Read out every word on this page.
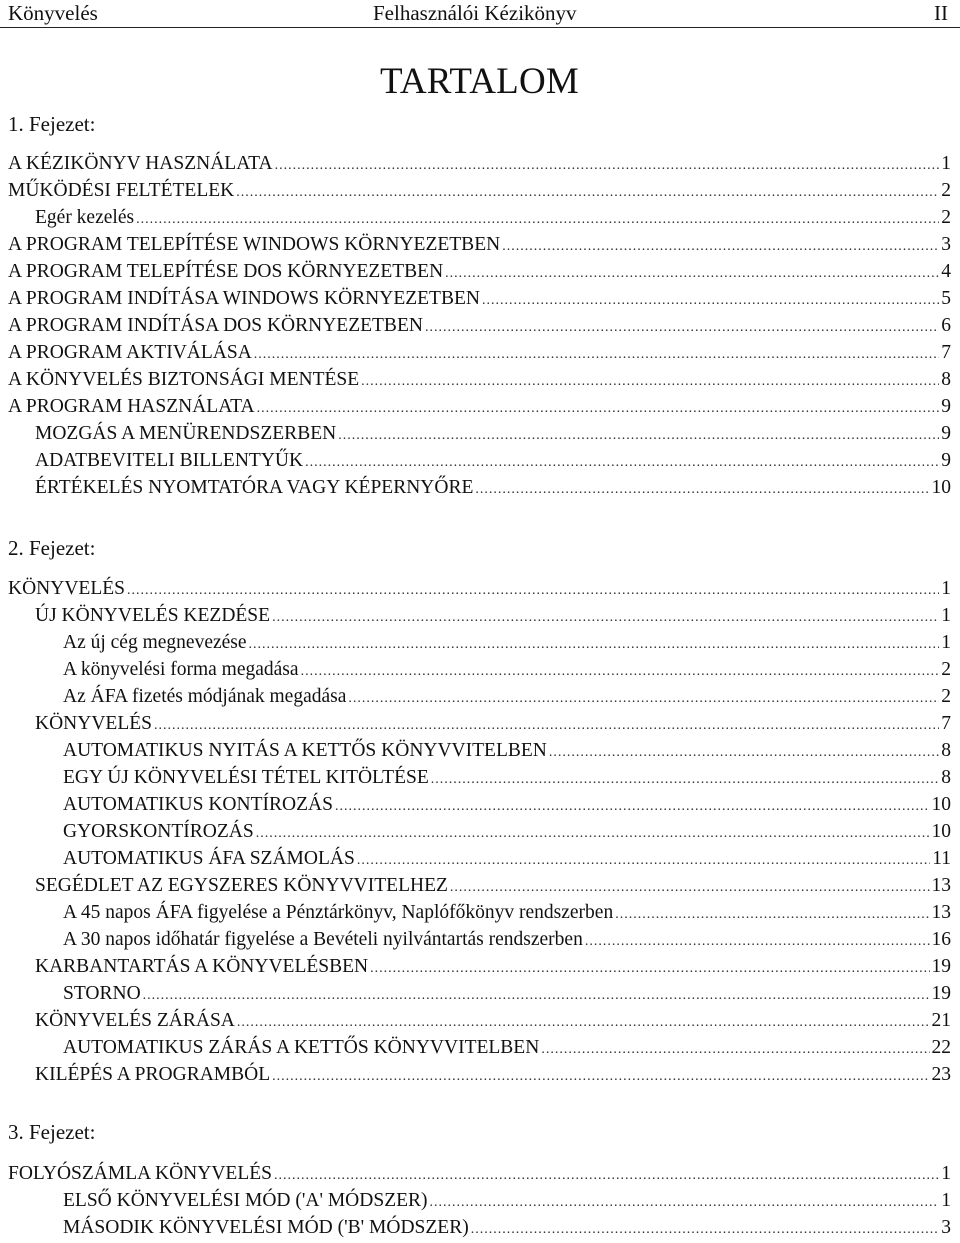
Könyvelés	Felhasználói Kézikönyv	II
TARTALOM
1. Fejezet:
A KÉZIKÖNYV HASZNÁLATA .....	1
MŰKÖDÉSI FELTÉTELEK .....	2
Egér kezelés .....	2
A PROGRAM TELEPÍTÉSE WINDOWS KÖRNYEZETBEN .....	3
A PROGRAM TELEPÍTÉSE DOS KÖRNYEZETBEN .....	4
A PROGRAM INDÍTÁSA WINDOWS KÖRNYEZETBEN .....	5
A PROGRAM INDÍTÁSA DOS KÖRNYEZETBEN .....	6
A PROGRAM AKTIVÁLÁSA .....	7
A KÖNYVELÉS BIZTONSÁGI MENTÉSE .....	8
A PROGRAM HASZNÁLATA .....	9
MOZGÁS A MENÜRENDSZERBEN .....	9
ADATBEVITELI BILLENTYŰK .....	9
ÉRTÉKELÉS NYOMTATÓRA VAGY KÉPERNYŐRE .....	10
2. Fejezet:
KÖNYVELÉS .....	1
ÚJ KÖNYVELÉS KEZDÉSE .....	1
Az új cég megnevezése .....	1
A könyvelési forma megadása .....	2
Az ÁFA fizetés módjának megadása .....	2
KÖNYVELÉS .....	7
AUTOMATIKUS NYITÁS A KETTŐS KÖNYVVITELBEN .....	8
EGY ÚJ KÖNYVELÉSI TÉTEL KITÖLTÉSE .....	8
AUTOMATIKUS KONTÍROZÁS .....	10
GYORSKONTÍROZÁS .....	10
AUTOMATIKUS ÁFA SZÁMOLÁS .....	11
SEGÉDLET AZ EGYSZERES KÖNYVVITELHEZ .....	13
A 45 napos ÁFA figyelése a Pénztárkönyv, Naplófőkönyv rendszerben .....	13
A 30 napos időhatár figyelése a Bevételi nyilvántartás rendszerben .....	16
KARBANTARTÁS A KÖNYVELÉSBEN .....	19
STORNO .....	19
KÖNYVELÉS ZÁRÁSA .....	21
AUTOMATIKUS ZÁRÁS A KETTŐS KÖNYVVITELBEN .....	22
KILÉPÉS A PROGRAMBÓL .....	23
3. Fejezet:
FOLYÓSZÁMLA KÖNYVELÉS .....	1
ELSŐ KÖNYVELÉSI MÓD ('A' MÓDSZER) .....	1
MÁSODIK KÖNYVELÉSI MÓD ('B' MÓDSZER) .....	3
